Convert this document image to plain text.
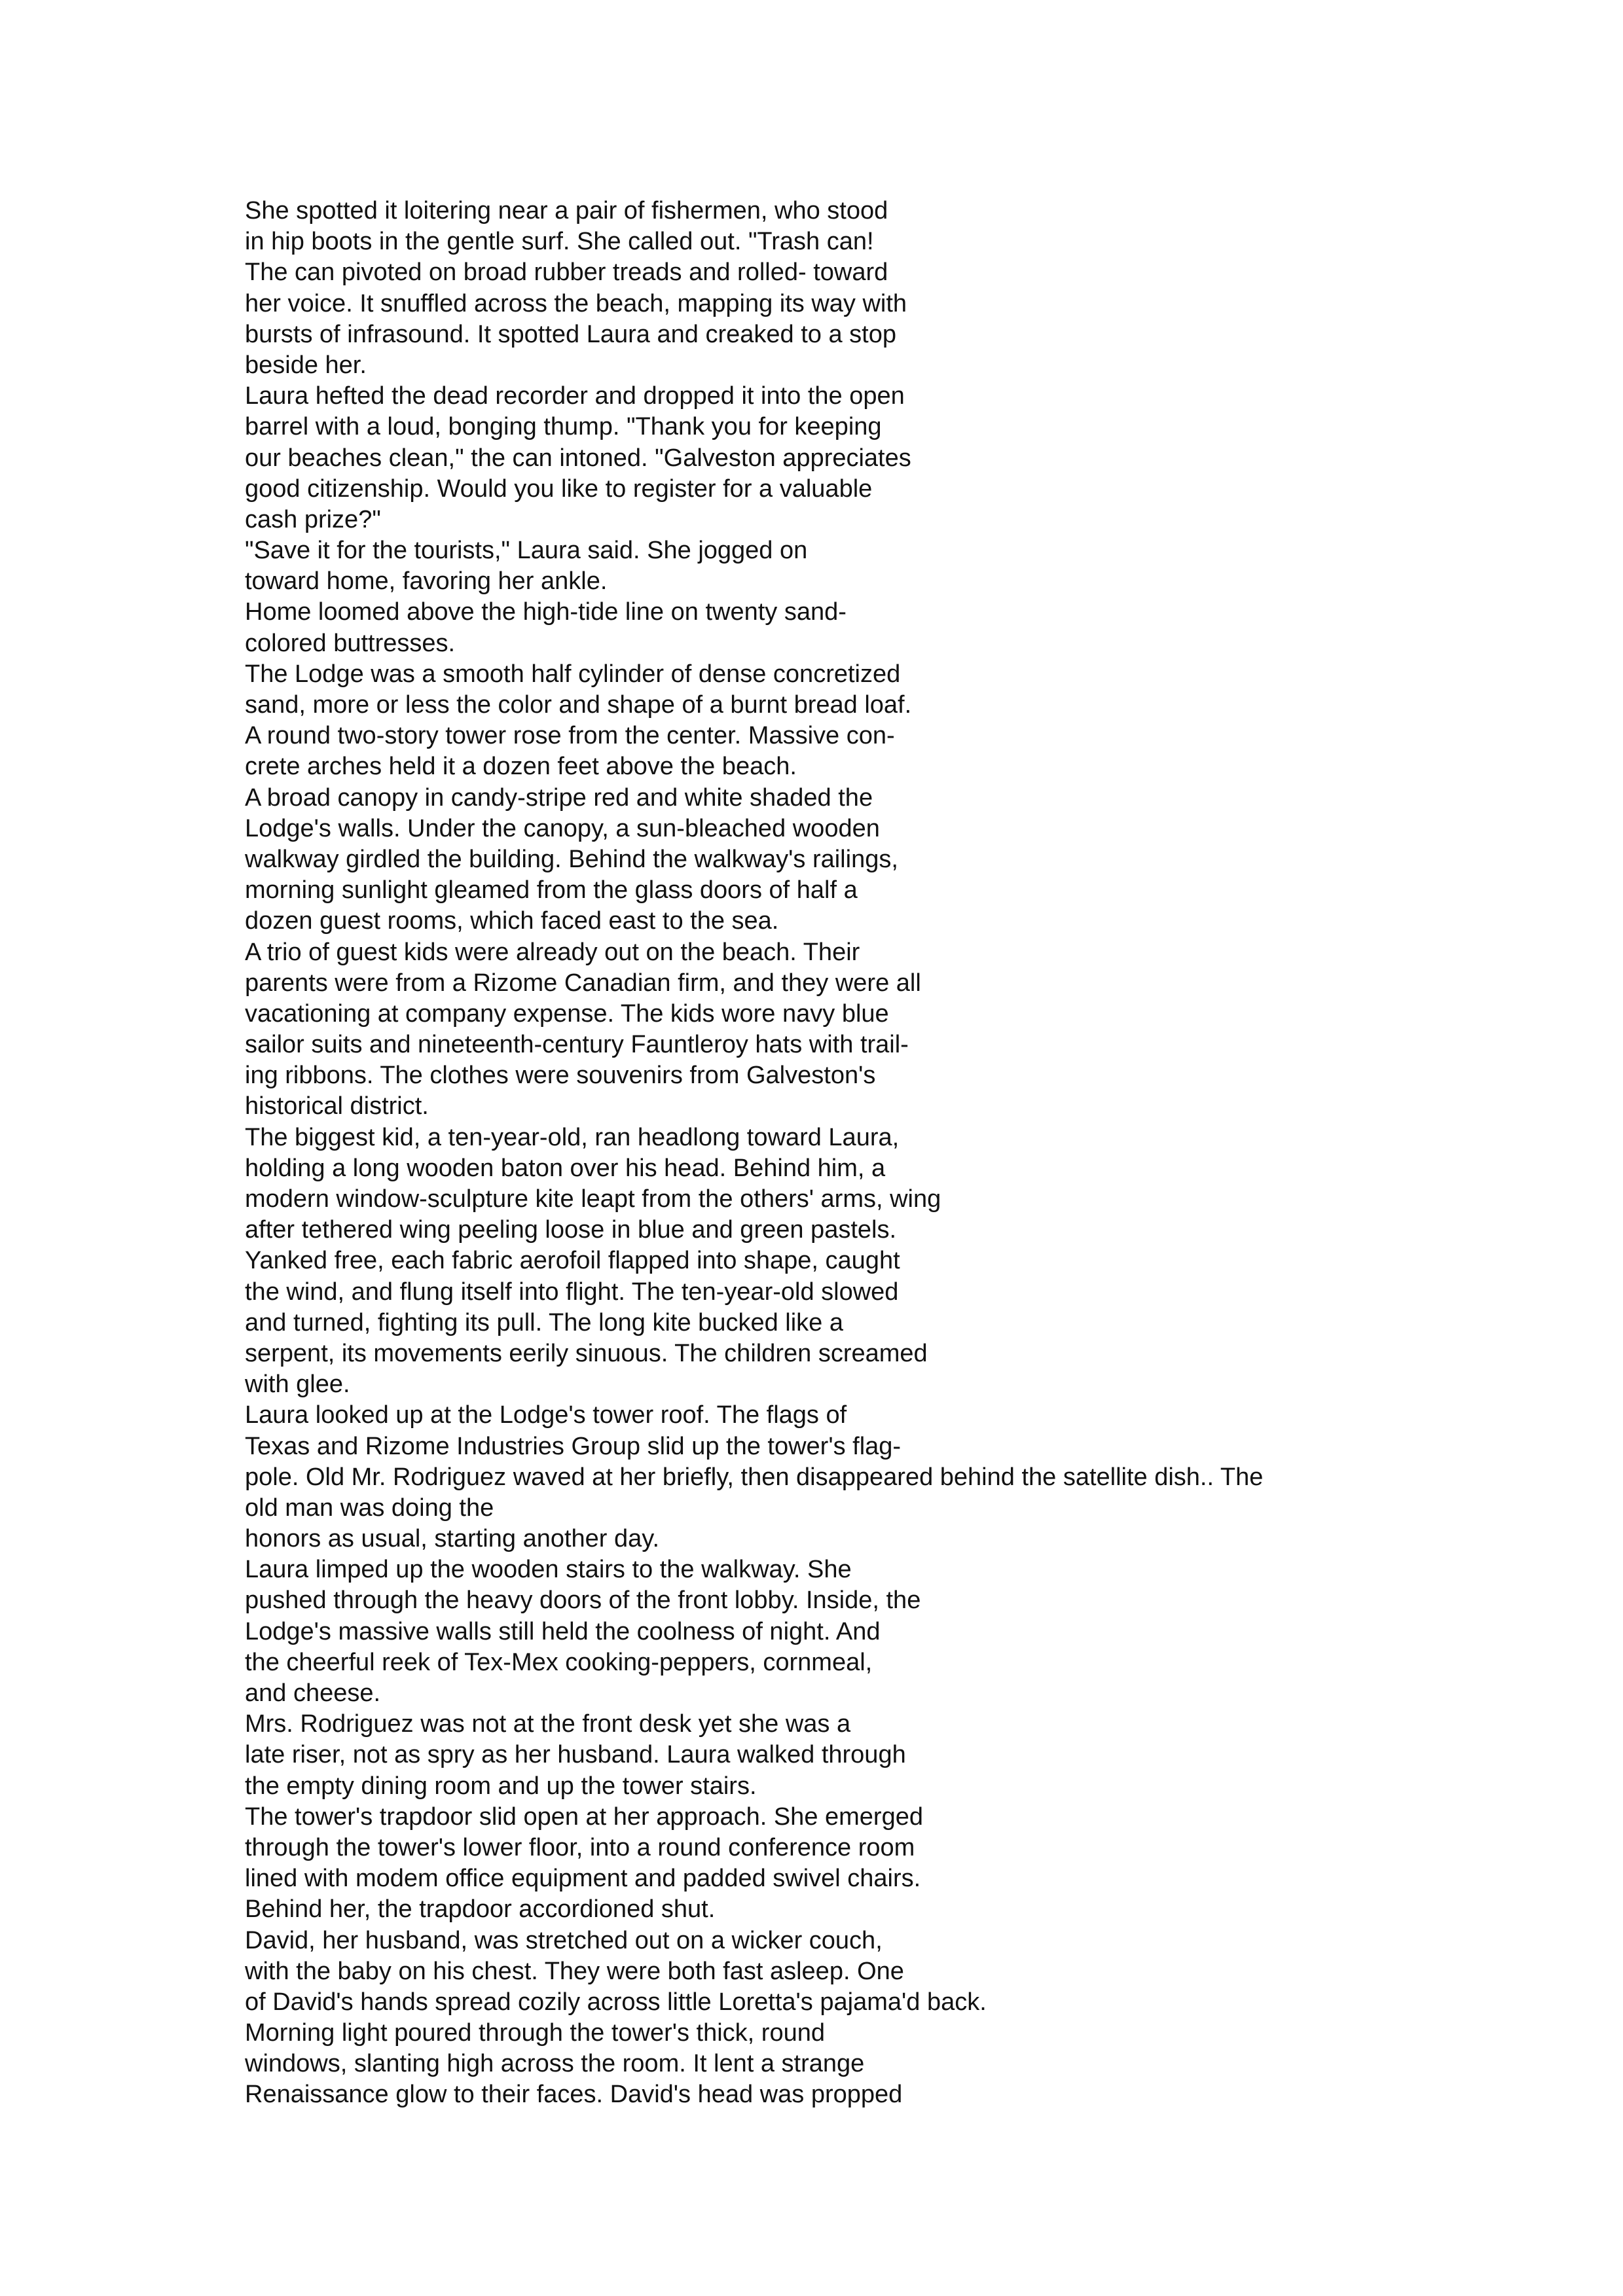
She spotted it loitering near a pair of fishermen, who stood
in hip boots in the gentle surf. She called out. "Trash can!
The can pivoted on broad rubber treads and rolled- toward
her voice. It snuffled across the beach, mapping its way with
bursts of infrasound. It spotted Laura and creaked to a stop
beside her.
Laura hefted the dead recorder and dropped it into the open
barrel with a loud, bonging thump. "Thank you for keeping
our beaches clean," the can intoned. "Galveston appreciates
good citizenship. Would you like to register for a valuable
cash prize?"
"Save it for the tourists," Laura said. She jogged on
toward home, favoring her ankle.
Home loomed above the high-tide line on twenty sand-
colored buttresses.
The Lodge was a smooth half cylinder of dense concretized
sand, more or less the color and shape of a burnt bread loaf.
A round two-story tower rose from the center. Massive con-
crete arches held it a dozen feet above the beach.
A broad canopy in candy-stripe red and white shaded the
Lodge's walls. Under the canopy, a sun-bleached wooden
walkway girdled the building. Behind the walkway's railings,
morning sunlight gleamed from the glass doors of half a
dozen guest rooms, which faced east to the sea.
A trio of guest kids were already out on the beach. Their
parents were from a Rizome Canadian firm, and they were all
vacationing at company expense. The kids wore navy blue
sailor suits and nineteenth-century Fauntleroy hats with trail-
ing ribbons. The clothes were souvenirs from Galveston's
historical district.
The biggest kid, a ten-year-old, ran headlong toward Laura,
holding a long wooden baton over his head. Behind him, a
modern window-sculpture kite leapt from the others' arms, wing
after tethered wing peeling loose in blue and green pastels.
Yanked free, each fabric aerofoil flapped into shape, caught
the wind, and flung itself into flight. The ten-year-old slowed
and turned, fighting its pull. The long kite bucked like a
serpent, its movements eerily sinuous. The children screamed
with glee.
Laura looked up at the Lodge's tower roof. The flags of
Texas and Rizome Industries Group slid up the tower's flag-
pole. Old Mr. Rodriguez waved at her briefly, then disappeared behind the satellite dish.. The
old man was doing the
honors as usual, starting another day.
Laura limped up the wooden stairs to the walkway. She
pushed through the heavy doors of the front lobby. Inside, the
Lodge's massive walls still held the coolness of night. And
the cheerful reek of Tex-Mex cooking-peppers, cornmeal,
and cheese.
Mrs. Rodriguez was not at the front desk yet she was a
late riser, not as spry as her husband. Laura walked through
the empty dining room and up the tower stairs.
The tower's trapdoor slid open at her approach. She emerged
through the tower's lower floor, into a round conference room
lined with modem office equipment and padded swivel chairs.
Behind her, the trapdoor accordioned shut.
David, her husband, was stretched out on a wicker couch,
with the baby on his chest. They were both fast asleep. One
of David's hands spread cozily across little Loretta's pajama'd back.
Morning light poured through the tower's thick, round
windows, slanting high across the room. It lent a strange
Renaissance glow to their faces. David's head was propped
